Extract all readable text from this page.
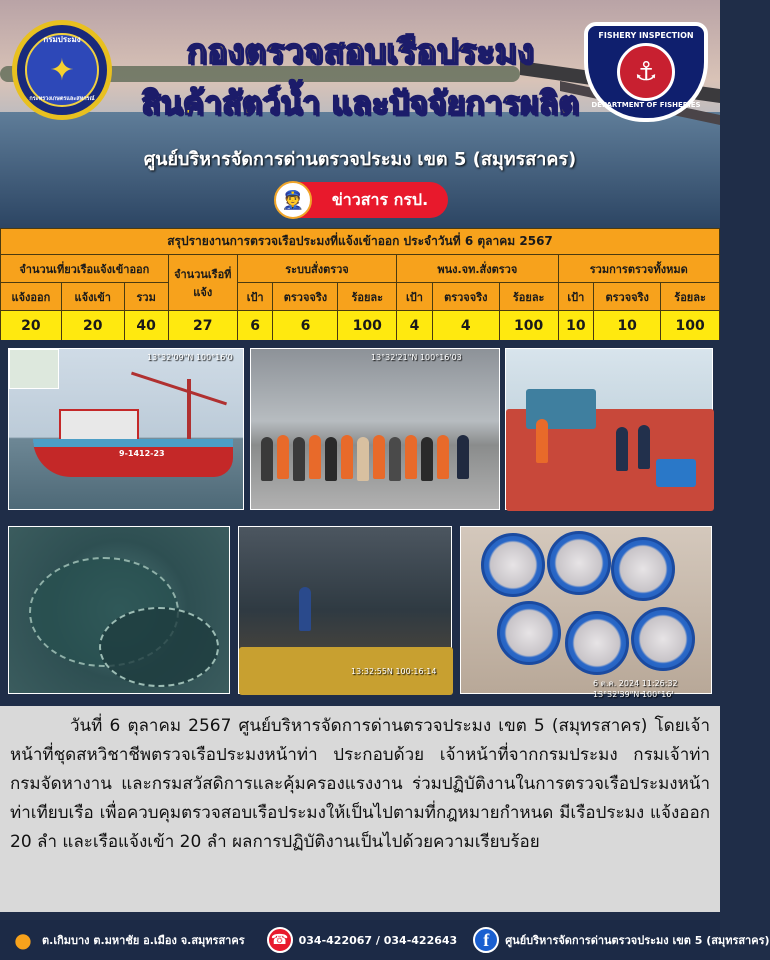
กรมประมง
✦
กระทรวงเกษตรและสหกรณ์
กองตรวจสอบเรือประมง
สินค้าสัตว์น้ำ และปัจจัยการผลิต
FISHERY INSPECTION
⚓
DEPARTMENT OF FISHERIES
ศูนย์บริหารจัดการด่านตรวจประมง เขต 5 (สมุทรสาคร)
👮	ข่าวสาร กรป.
สรุปรายงานการตรวจเรือประมงที่แจ้งเข้าออก ประจำวันที่ 6 ตุลาคม 2567												
จำนวนเที่ยวเรือแจ้งเข้าออก			จำนวนเรือที่แจ้ง	ระบบสั่งตรวจ			พนง.จท.สั่งตรวจ			รวมการตรวจทั้งหมด		
แจ้งออก	แจ้งเข้า	รวม		เป้า	ตรวจจริง	ร้อยละ	เป้า	ตรวจจริง	ร้อยละ	เป้า	ตรวจจริง	ร้อยละ
20	20	40	27	6	6	100	4	4	100	10	10	100
9-1412-23
13°32'09"N 100°16'0	13°32'21"N 100°16'03
13:32:55N 100:16:14
6 ต.ค. 2024 11:26:32 13°32'39"N 100°16'

วันที่ 6 ตุลาคม 2567 ศูนย์บริหารจัดการด่านตรวจประมง เขต 5 (สมุทรสาคร) โดยเจ้าหน้าที่ชุดสหวิชาชีพตรวจเรือประมงหน้าท่า ประกอบด้วย เจ้าหน้าที่จากกรมประมง กรมเจ้าท่า กรมจัดหางาน และกรมสวัสดิการและคุ้มครองแรงงาน ร่วมปฏิบัติงานในการตรวจเรือประมงหน้าท่าเทียบเรือ เพื่อควบคุมตรวจสอบเรือประมงให้เป็นไปตามที่กฎหมายกำหนด มีเรือประมง แจ้งออก 20 ลำ และเรือแจ้งเข้า 20 ลำ ผลการปฏิบัติงานเป็นไปด้วยความเรียบร้อย

● ต.เกิมบาง ต.มหาชัย อ.เมือง จ.สมุทรสาคร	☎ 034-422067 / 034-422643	f	ศูนย์บริหารจัดการด่านตรวจประมง เขต 5 (สมุทรสาคร)
